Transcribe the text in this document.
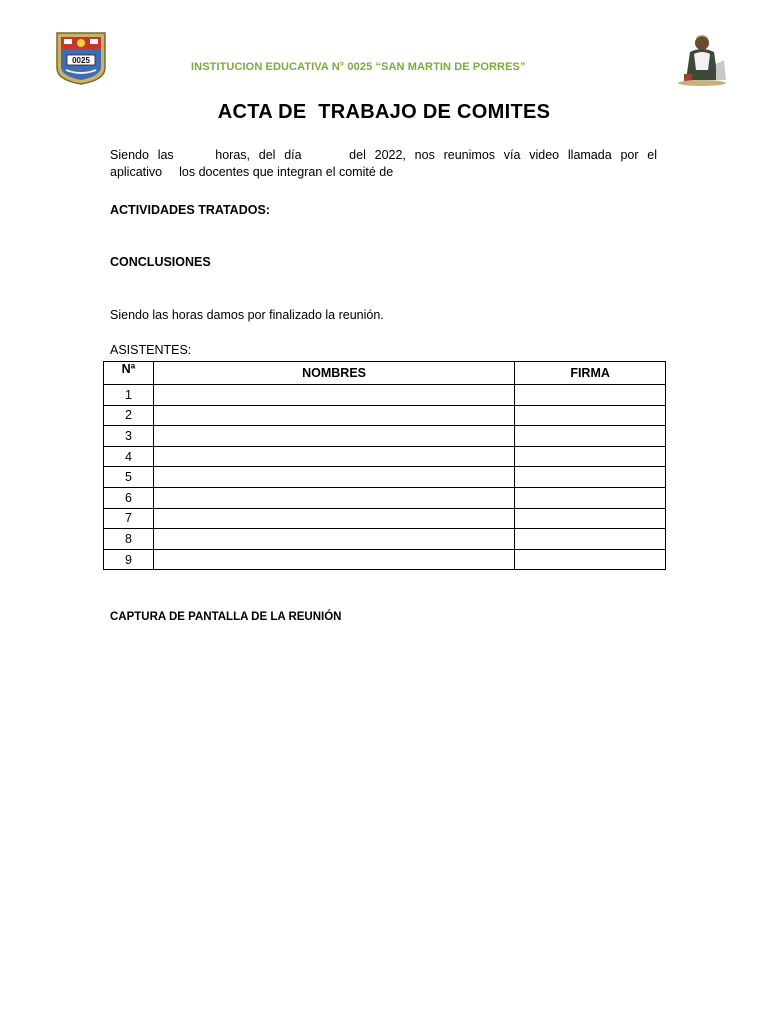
0025
INSTITUCION EDUCATIVA N° 0025 “SAN MARTIN DE PORRES”
ACTA DE  TRABAJO DE COMITES
Siendo las	horas, del día	del 2022, nos reunimos vía video llamada por el
aplicativo los docentes que integran el comité de
ACTIVIDADES TRATADOS:
CONCLUSIONES
Siendo las horas damos por finalizado la reunión.
ASISTENTES:
Nª	NOMBRES	FIRMA
1		
2		
3		
4		
5		
6		
7		
8		
9		
CAPTURA DE PANTALLA DE LA REUNIÓN
